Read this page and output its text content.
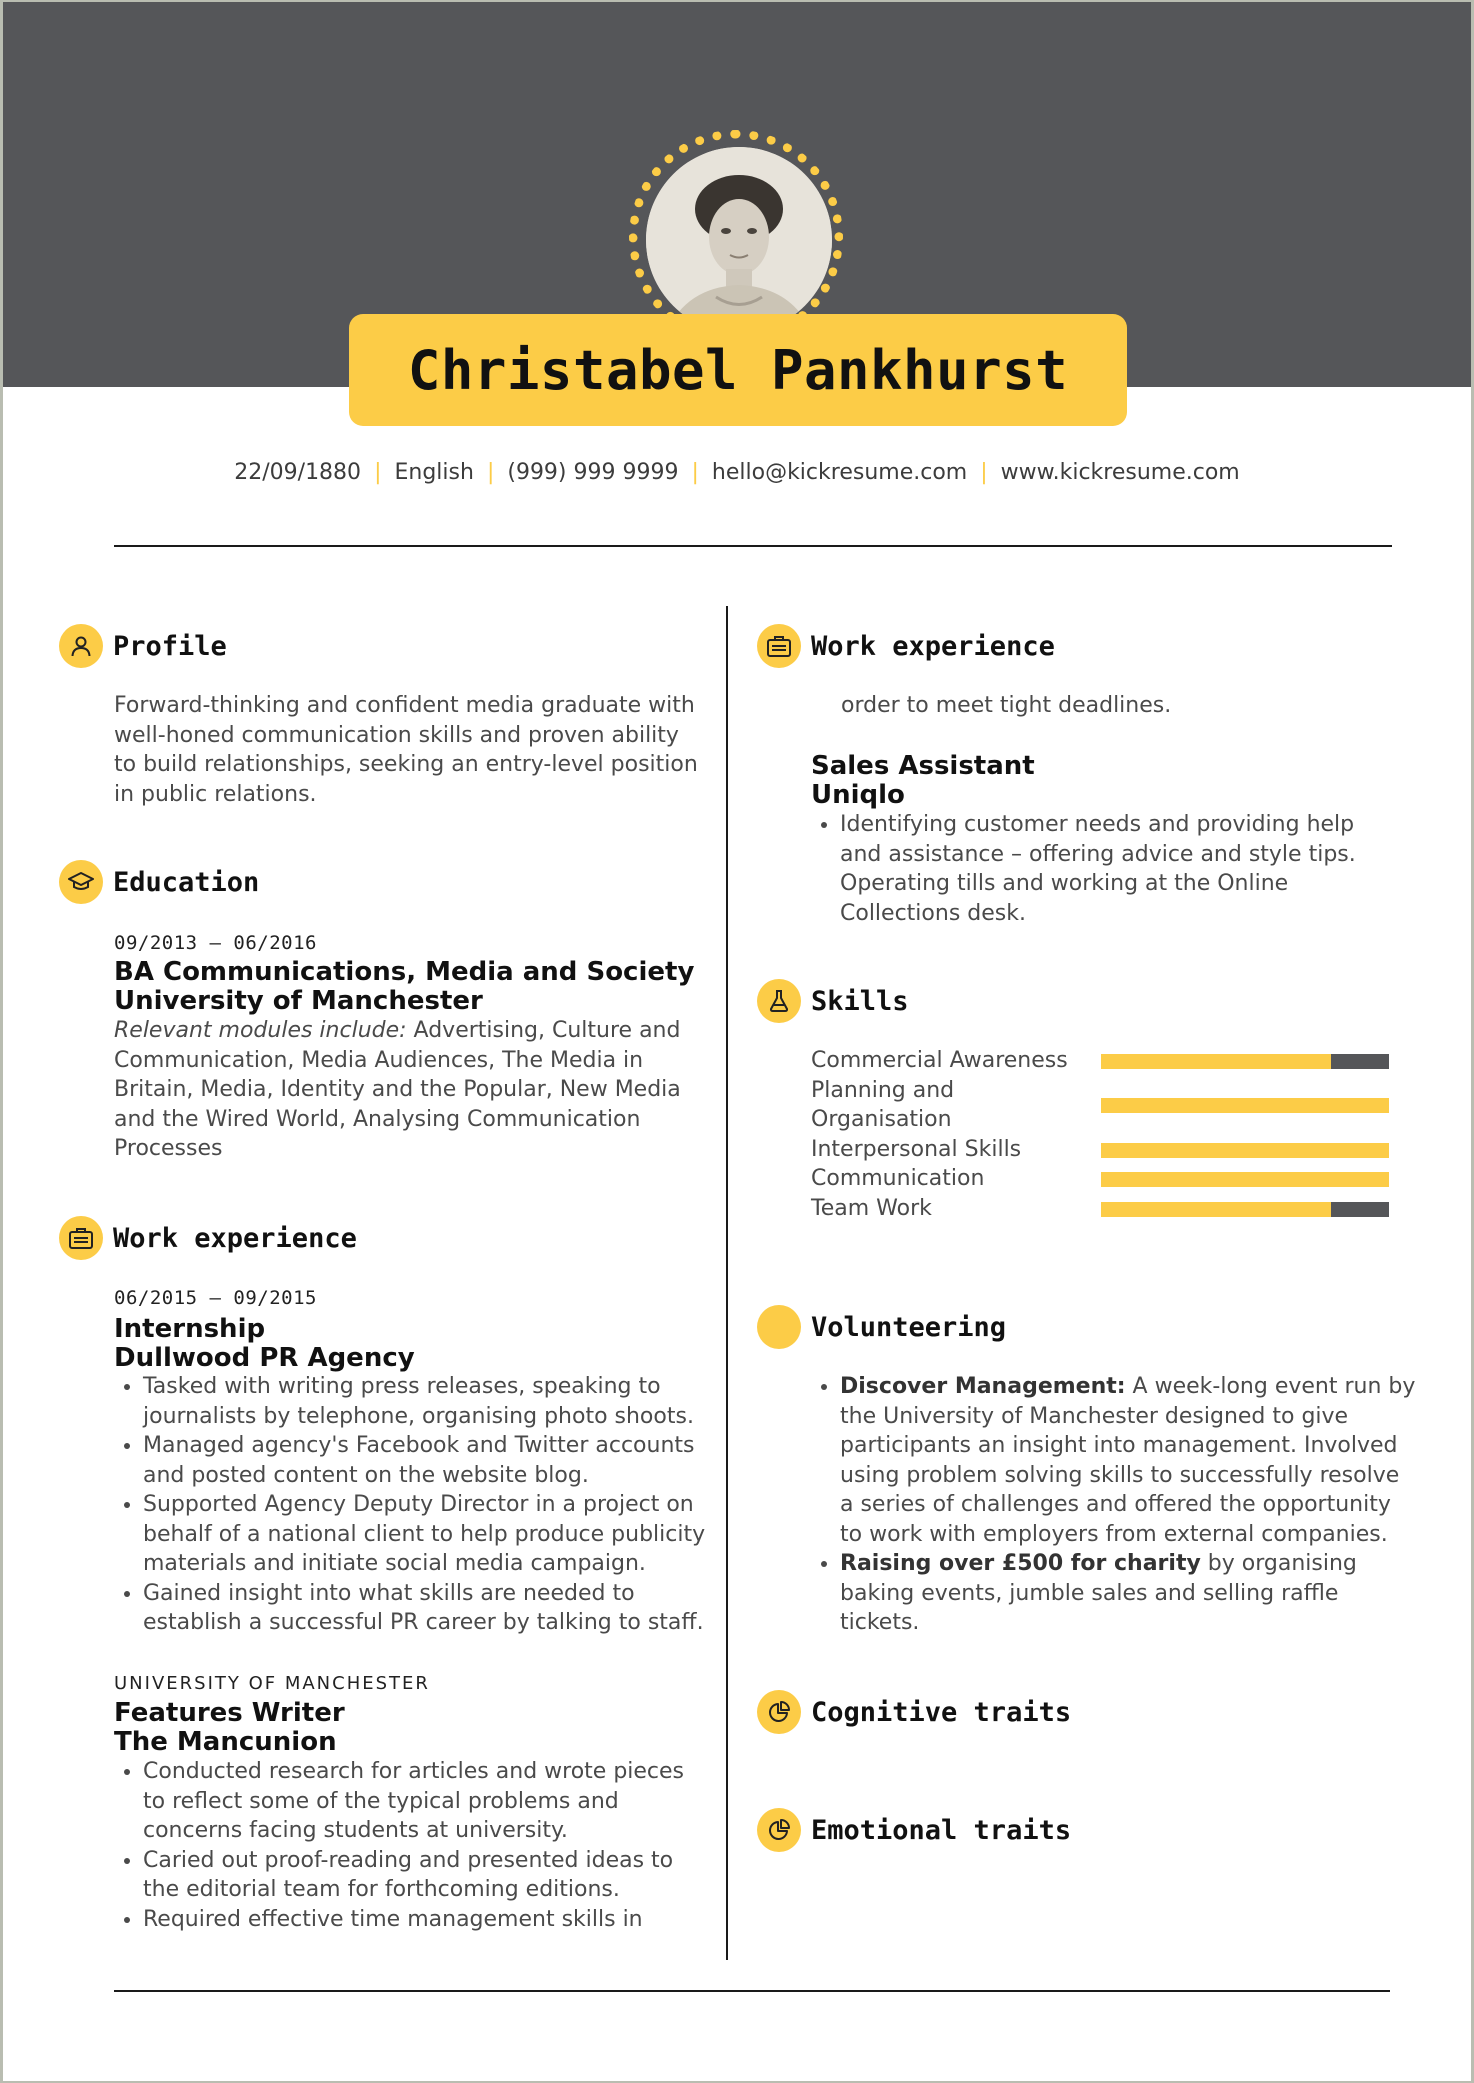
Christabel Pankhurst
22/09/1880 | English | (999) 999 9999 | hello@kickresume.com | www.kickresume.com
Profile
Forward-thinking and confident media graduate with
well-honed communication skills and proven ability
to build relationships, seeking an entry-level position
in public relations.
Education
09/2013 – 06/2016
BA Communications, Media and Society
University of Manchester
Relevant modules include: Advertising, Culture and
Communication, Media Audiences, The Media in
Britain, Media, Identity and the Popular, New Media
and the Wired World, Analysing Communication
Processes
Work experience
06/2015 – 09/2015
Internship
Dullwood PR Agency
• Tasked with writing press releases, speaking to
journalists by telephone, organising photo shoots.
• Managed agency's Facebook and Twitter accounts
and posted content on the website blog.
• Supported Agency Deputy Director in a project on
behalf of a national client to help produce publicity
materials and initiate social media campaign.
• Gained insight into what skills are needed to
establish a successful PR career by talking to staff.
UNIVERSITY OF MANCHESTER
Features Writer
The Mancunion
• Conducted research for articles and wrote pieces
to reflect some of the typical problems and
concerns facing students at university.
• Caried out proof-reading and presented ideas to
the editorial team for forthcoming editions.
• Required effective time management skills in
Work experience
order to meet tight deadlines.
Sales Assistant
Uniqlo
• Identifying customer needs and providing help
and assistance – offering advice and style tips.
Operating tills and working at the Online
Collections desk.
Skills
Commercial Awareness
Planning and
Organisation
Interpersonal Skills
Communication
Team Work
Volunteering
• Discover Management: A week-long event run by
the University of Manchester designed to give
participants an insight into management. Involved
using problem solving skills to successfully resolve
a series of challenges and offered the opportunity
to work with employers from external companies.
• Raising over £500 for charity by organising
baking events, jumble sales and selling raffle
tickets.
Cognitive traits
Emotional traits
